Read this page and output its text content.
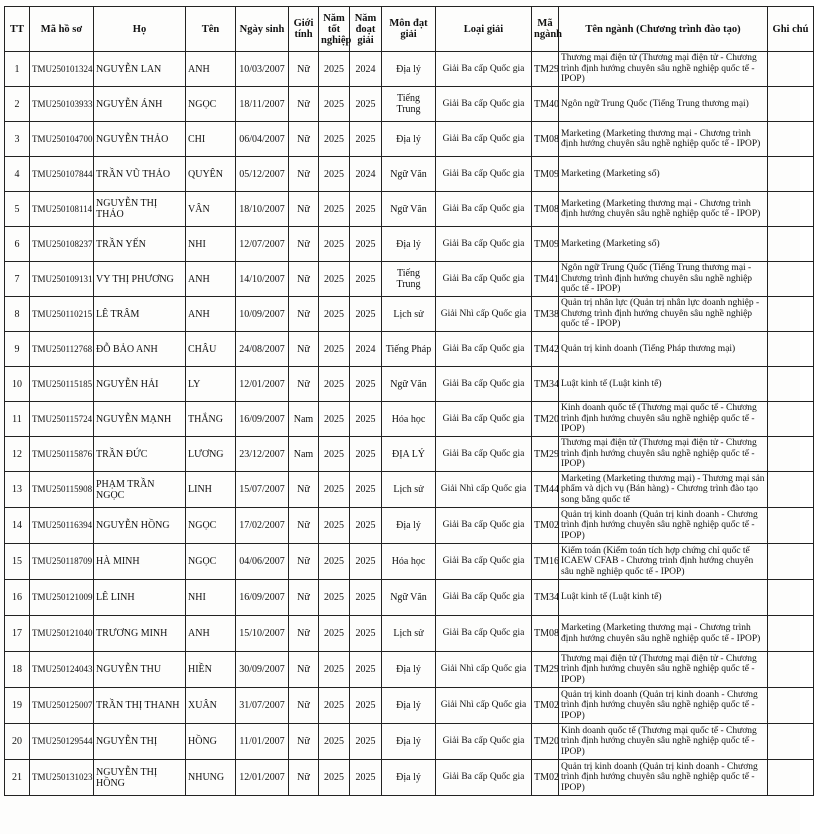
TT	Mã hồ sơ	Họ	Tên	Ngày sinh	Giới tính	Năm tốt nghiệp	Năm đoạt giải	Môn đạt giải	Loại giải	Mã ngành	Tên ngành (Chương trình đào tạo)	Ghi chú
1	TMU250101324	NGUYỄN LAN	ANH	10/03/2007	Nữ	2025	2024	Địa lý	Giải Ba cấp Quốc gia	TM29	Thương mại điện tử (Thương mại điện tử - Chương trình định hướng chuyên sâu nghề nghiệp quốc tế - IPOP)	
2	TMU250103933	NGUYỄN ÁNH	NGỌC	18/11/2007	Nữ	2025	2025	Tiếng Trung	Giải Ba cấp Quốc gia	TM40	Ngôn ngữ Trung Quốc (Tiếng Trung thương mại)	
3	TMU250104700	NGUYỄN THẢO	CHI	06/04/2007	Nữ	2025	2025	Địa lý	Giải Ba cấp Quốc gia	TM08	Marketing (Marketing thương mại - Chương trình định hướng chuyên sâu nghề nghiệp quốc tế - IPOP)	
4	TMU250107844	TRẦN VŨ THẢO	QUYÊN	05/12/2007	Nữ	2025	2024	Ngữ Văn	Giải Ba cấp Quốc gia	TM09	Marketing (Marketing số)	
5	TMU250108114	NGUYỄN THỊ THẢO	VÂN	18/10/2007	Nữ	2025	2025	Ngữ Văn	Giải Ba cấp Quốc gia	TM08	Marketing (Marketing thương mại - Chương trình định hướng chuyên sâu nghề nghiệp quốc tế - IPOP)	
6	TMU250108237	TRẦN YẾN	NHI	12/07/2007	Nữ	2025	2025	Địa lý	Giải Ba cấp Quốc gia	TM09	Marketing (Marketing số)	
7	TMU250109131	VY THỊ PHƯƠNG	ANH	14/10/2007	Nữ	2025	2025	Tiếng Trung	Giải Ba cấp Quốc gia	TM41	Ngôn ngữ Trung Quốc (Tiếng Trung thương mại - Chương trình định hướng chuyên sâu nghề nghiệp quốc tế - IPOP)	
8	TMU250110215	LÊ TRÂM	ANH	10/09/2007	Nữ	2025	2025	Lịch sử	Giải Nhì cấp Quốc gia	TM38	Quản trị nhân lực (Quản trị nhân lực doanh nghiệp - Chương trình định hướng chuyên sâu nghề nghiệp quốc tế - IPOP)	
9	TMU250112768	ĐỖ BẢO ANH	CHÂU	24/08/2007	Nữ	2025	2024	Tiếng Pháp	Giải Ba cấp Quốc gia	TM42	Quản trị kinh doanh (Tiếng Pháp thương mại)	
10	TMU250115185	NGUYỄN HẢI	LY	12/01/2007	Nữ	2025	2025	Ngữ Văn	Giải Ba cấp Quốc gia	TM34	Luật kinh tế (Luật kinh tế)	
11	TMU250115724	NGUYỄN MẠNH	THẮNG	16/09/2007	Nam	2025	2025	Hóa học	Giải Ba cấp Quốc gia	TM20	Kinh doanh quốc tế (Thương mại quốc tế - Chương trình định hướng chuyên sâu nghề nghiệp quốc tế - IPOP)	
12	TMU250115876	TRẦN ĐỨC	LƯƠNG	23/12/2007	Nam	2025	2025	ĐỊA LÝ	Giải Ba cấp Quốc gia	TM29	Thương mại điện tử (Thương mại điện tử - Chương trình định hướng chuyên sâu nghề nghiệp quốc tế - IPOP)	
13	TMU250115908	PHẠM TRẦN NGỌC	LINH	15/07/2007	Nữ	2025	2025	Lịch sử	Giải Nhì cấp Quốc gia	TM44	Marketing (Marketing thương mại) - Thương mại sản phẩm và dịch vụ (Bán hàng) - Chương trình đào tạo song bằng quốc tế	
14	TMU250116394	NGUYỄN HỒNG	NGỌC	17/02/2007	Nữ	2025	2025	Địa lý	Giải Ba cấp Quốc gia	TM02	Quản trị kinh doanh (Quản trị kinh doanh - Chương trình định hướng chuyên sâu nghề nghiệp quốc tế - IPOP)	
15	TMU250118709	HÀ MINH	NGỌC	04/06/2007	Nữ	2025	2025	Hóa học	Giải Ba cấp Quốc gia	TM16	Kiểm toán (Kiểm toán tích hợp chứng chỉ quốc tế ICAEW CFAB - Chương trình định hướng chuyên sâu nghề nghiệp quốc tế - IPOP)	
16	TMU250121009	LÊ LINH	NHI	16/09/2007	Nữ	2025	2025	Ngữ Văn	Giải Ba cấp Quốc gia	TM34	Luật kinh tế (Luật kinh tế)	
17	TMU250121040	TRƯƠNG MINH	ANH	15/10/2007	Nữ	2025	2025	Lịch sử	Giải Ba cấp Quốc gia	TM08	Marketing (Marketing thương mại - Chương trình định hướng chuyên sâu nghề nghiệp quốc tế - IPOP)	
18	TMU250124043	NGUYỄN THU	HIỀN	30/09/2007	Nữ	2025	2025	Địa lý	Giải Nhì cấp Quốc gia	TM29	Thương mại điện tử (Thương mại điện tử - Chương trình định hướng chuyên sâu nghề nghiệp quốc tế - IPOP)	
19	TMU250125007	TRẦN THỊ THANH	XUÂN	31/07/2007	Nữ	2025	2025	Địa lý	Giải Nhì cấp Quốc gia	TM02	Quản trị kinh doanh (Quản trị kinh doanh - Chương trình định hướng chuyên sâu nghề nghiệp quốc tế - IPOP)	
20	TMU250129544	NGUYỄN THỊ	HỒNG	11/01/2007	Nữ	2025	2025	Địa lý	Giải Ba cấp Quốc gia	TM20	Kinh doanh quốc tế (Thương mại quốc tế - Chương trình định hướng chuyên sâu nghề nghiệp quốc tế - IPOP)	
21	TMU250131023	NGUYỄN THỊ HỒNG	NHUNG	12/01/2007	Nữ	2025	2025	Địa lý	Giải Ba cấp Quốc gia	TM02	Quản trị kinh doanh (Quản trị kinh doanh - Chương trình định hướng chuyên sâu nghề nghiệp quốc tế - IPOP)	
